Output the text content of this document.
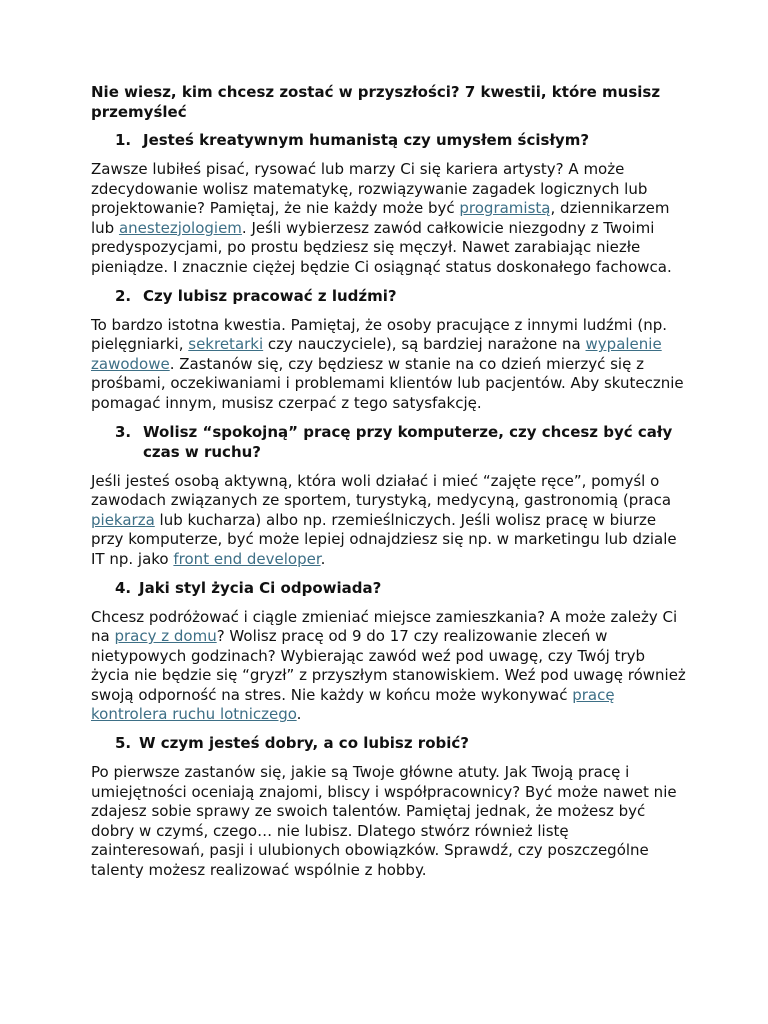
Nie wiesz, kim chcesz zostać w przyszłości? 7 kwestii, które musisz przemyśleć
1. Jesteś kreatywnym humanistą czy umysłem ścisłym?
Zawsze lubiłeś pisać, rysować lub marzy Ci się kariera artysty? A może zdecydowanie wolisz matematykę, rozwiązywanie zagadek logicznych lub projektowanie? Pamiętaj, że nie każdy może być programistą, dziennikarzem lub anestezjologiem. Jeśli wybierzesz zawód całkowicie niezgodny z Twoimi predyspozycjami, po prostu będziesz się męczył. Nawet zarabiając niezłe pieniądze. I znacznie ciężej będzie Ci osiągnąć status doskonałego fachowca.
2. Czy lubisz pracować z ludźmi?
To bardzo istotna kwestia. Pamiętaj, że osoby pracujące z innymi ludźmi (np. pielęgniarki, sekretarki czy nauczyciele), są bardziej narażone na wypalenie zawodowe. Zastanów się, czy będziesz w stanie na co dzień mierzyć się z prośbami, oczekiwaniami i problemami klientów lub pacjentów. Aby skutecznie pomagać innym, musisz czerpać z tego satysfakcję.
3. Wolisz “spokojną” pracę przy komputerze, czy chcesz być cały czas w ruchu?
Jeśli jesteś osobą aktywną, która woli działać i mieć “zajęte ręce”, pomyśl o zawodach związanych ze sportem, turystyką, medycyną, gastronomią (praca piekarza lub kucharza) albo np. rzemieślniczych. Jeśli wolisz pracę w biurze przy komputerze, być może lepiej odnajdziesz się np. w marketingu lub dziale IT np. jako front end developer.
4. Jaki styl życia Ci odpowiada?
Chcesz podróżować i ciągle zmieniać miejsce zamieszkania? A może zależy Ci na pracy z domu? Wolisz pracę od 9 do 17 czy realizowanie zleceń w nietypowych godzinach? Wybierając zawód weź pod uwagę, czy Twój tryb życia nie będzie się “gryzł” z przyszłym stanowiskiem. Weź pod uwagę również swoją odporność na stres. Nie każdy w końcu może wykonywać pracę kontrolera ruchu lotniczego.
5. W czym jesteś dobry, a co lubisz robić?
Po pierwsze zastanów się, jakie są Twoje główne atuty. Jak Twoją pracę i umiejętności oceniają znajomi, bliscy i współpracownicy? Być może nawet nie zdajesz sobie sprawy ze swoich talentów. Pamiętaj jednak, że możesz być dobry w czymś, czego… nie lubisz. Dlatego stwórz również listę zainteresowań, pasji i ulubionych obowiązków. Sprawdź, czy poszczególne talenty możesz realizować wspólnie z hobby.
